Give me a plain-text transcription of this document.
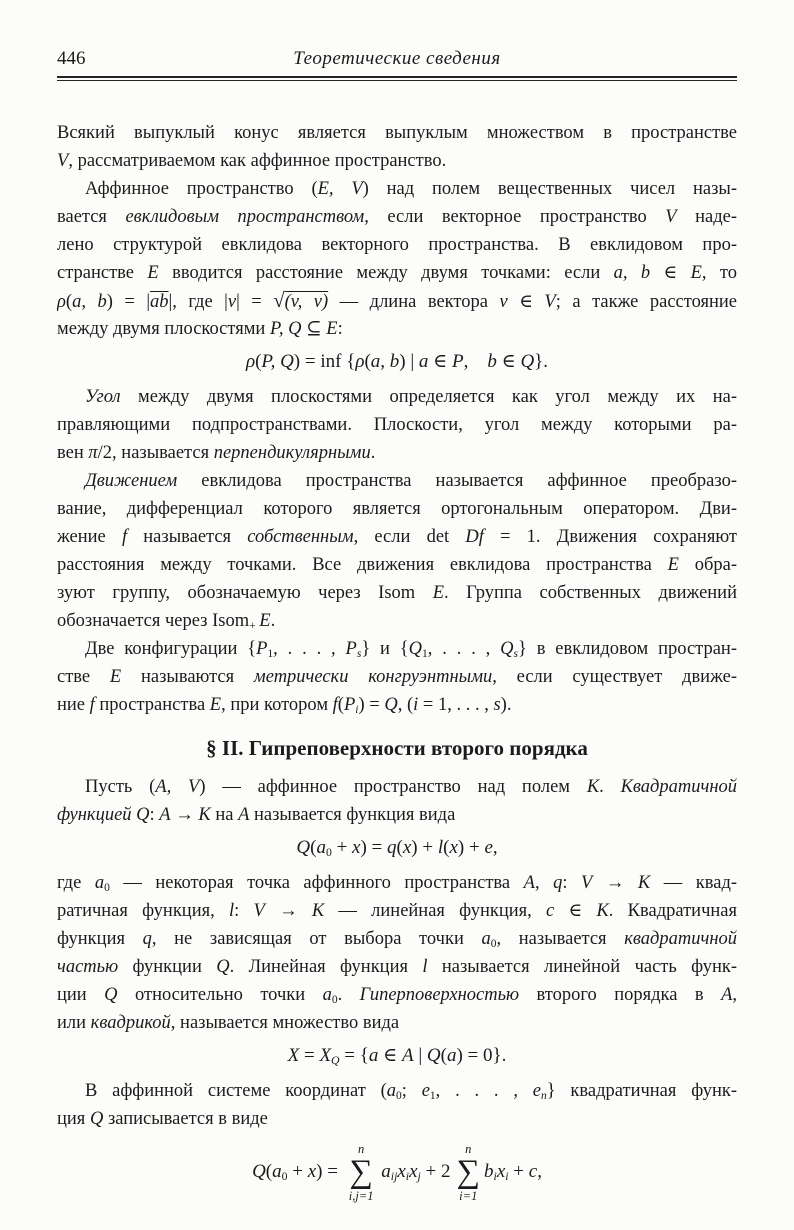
446	Теоретические сведения
Всякий выпуклый конус является выпуклым множеством в пространстве
V, рассматриваемом как аффинное пространство.
Аффинное пространство (E, V) над полем вещественных чисел назы-
вается евклидовым пространством, если векторное пространство V наде-
лено структурой евклидова векторного пространства. В евклидовом про-
странстве E вводится расстояние между двумя точками: если a, b ∈ E, то
ρ(a, $b) = |\overline{ab}|$, где |v| = √(v, v) — длина вектора v ∈ V; а также расстояние
между двумя плоскостями P, Q ⊆ E:
ρ(P, Q) = inf {ρ(a, b) | a ∈ P, b ∈ Q}.
Угол между двумя плоскостями определяется как угол между их на-
правляющими подпространствами. Плоскости, угол между которыми ра-
вен π/2, называется перпендикулярными.
Движением евклидова пространства называется аффинное преобразо-
вание, дифференциал которого является ортогональным оператором. Дви-
жение f называется собственным, если det Df = 1. Движения сохраняют
расстояния между точками. Все движения евклидова пространства E обра-
зуют группу, обозначаемую через Isom E. Группа собственных движений
обозначается через Isom$_+$  E.
Две конфигурации {$P_1$, . . . , $P_s$} и {$Q_1$, . . . , $Q_s$} в евклидовом простран-
стве E называются метрически конгруэнтными, если существует движе-
ние f пространства E, при котором $f(P_i) = Q$, (i = 1, . . . , s).
§ II. Гипреповерхности второго порядка
Пусть (A, V) — аффинное пространство над полем K. Квадратичной
функцией Q: A → K на A называется функция вида
$Q(a_0 + x) = q(x) + l(x) + e$,
где $a_0$ — некоторая точка аффинного пространства A, q: V → K — квад-
ратичная функция, l: V → K — линейная функция, c ∈ K. Квадратичная
функция q, не зависящая от выбора точки $a_0$, называется квадратичной
частью функции Q. Линейная функция l называется линейной часть функ-
ции Q относительно точки $a_0$. Гиперповерхностью второго порядка в A,
или квадрикой, называется множество вида
$X = X_Q = \{a$ ∈ A | Q(a) = 0}.
В аффинной системе координат ($a_0$; $e_1$, . . . , $e_n$} квадратичная функ-
ция Q записывается в виде
$Q(a_0 + x)$ =
n
∑
i,j=1
 $a_{ij}x_ix_j + 2$
n
∑
i=1
$b_ix_i + c$,
